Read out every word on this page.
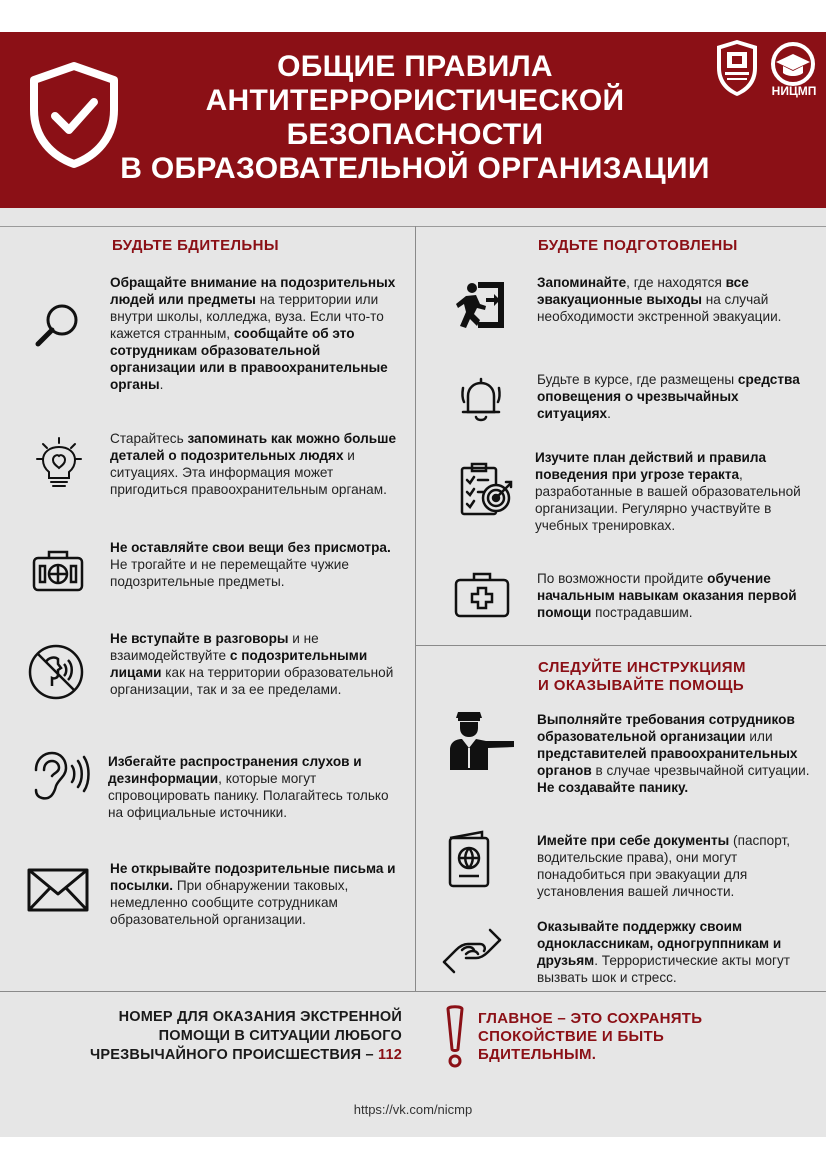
ОБЩИЕ ПРАВИЛА
АНТИТЕРРОРИСТИЧЕСКОЙ
БЕЗОПАСНОСТИ
В ОБРАЗОВАТЕЛЬНОЙ ОРГАНИЗАЦИИ
НИЦМП
БУДЬТЕ БДИТЕЛЬНЫ
Обращайте внимание на подозрительных людей или предметы на территории или внутри школы, колледжа, вуза. Если что-то кажется странным, сообщайте об это сотрудникам образовательной организации или в правоохранительные органы.
Старайтесь запоминать как можно больше деталей о подозрительных людях и ситуациях. Эта информация может пригодиться правоохранительным органам.
Не оставляйте свои вещи без присмотра. Не трогайте и не перемещайте чужие подозрительные предметы.
Не вступайте в разговоры и не взаимодействуйте с подозрительными лицами как на территории образовательной организации, так и за ее пределами.
Избегайте распространения слухов и дезинформации, которые могут спровоцировать панику. Полагайтесь только на официальные источники.
Не открывайте подозрительные письма и посылки. При обнаружении таковых, немедленно сообщите сотрудникам образовательной организации.
БУДЬТЕ ПОДГОТОВЛЕНЫ
Запоминайте, где находятся все эвакуационные выходы на случай необходимости экстренной эвакуации.
Будьте в курсе, где размещены средства оповещения о чрезвычайных ситуациях.
Изучите план действий и правила поведения при угрозе теракта, разработанные в вашей образовательной организации. Регулярно участвуйте в учебных тренировках.
По возможности пройдите обучение начальным навыкам оказания первой помощи пострадавшим.
СЛЕДУЙТЕ ИНСТРУКЦИЯМ
И ОКАЗЫВАЙТЕ ПОМОЩЬ
Выполняйте требования сотрудников образовательной организации или представителей правоохранительных органов в случае чрезвычайной ситуации. Не создавайте панику.
Имейте при себе документы (паспорт, водительские права), они могут понадобиться при эвакуации для установления вашей личности.
Оказывайте поддержку своим одноклассникам, одногруппникам и друзьям. Террористические акты могут вызвать шок и стресс.
НОМЕР ДЛЯ ОКАЗАНИЯ ЭКСТРЕННОЙ ПОМОЩИ В СИТУАЦИИ ЛЮБОГО ЧРЕЗВЫЧАЙНОГО ПРОИСШЕСТВИЯ – 112
ГЛАВНОЕ – ЭТО СОХРАНЯТЬ СПОКОЙСТВИЕ И БЫТЬ БДИТЕЛЬНЫМ.
https://vk.com/nicmp
